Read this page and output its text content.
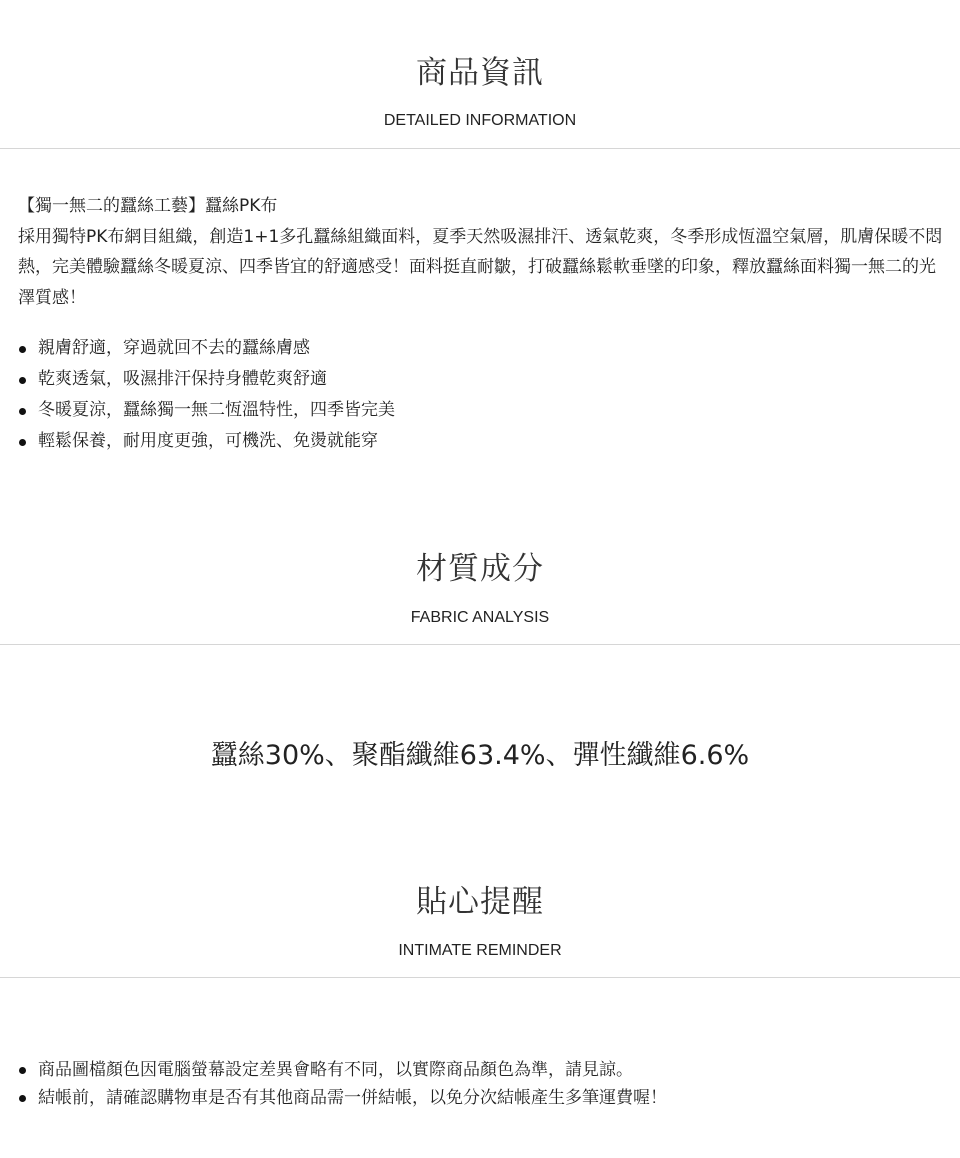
商品資訊
DETAILED INFORMATION
【獨一無二的蠶絲工藝】蠶絲PK布
採用獨特PK布網目組織，創造1+1多孔蠶絲組織面料，夏季天然吸濕排汗、透氣乾爽，冬季形成恆溫空氣層，肌膚保暖不悶熱，完美體驗蠶絲冬暖夏涼、四季皆宜的舒適感受！面料挺直耐皺，打破蠶絲鬆軟垂墜的印象，釋放蠶絲面料獨一無二的光澤質感！
親膚舒適，穿過就回不去的蠶絲膚感
乾爽透氣，吸濕排汗保持身體乾爽舒適
冬暖夏涼，蠶絲獨一無二恆溫特性，四季皆完美
輕鬆保養，耐用度更強，可機洗、免燙就能穿
材質成分
FABRIC ANALYSIS
蠶絲30%、聚酯纖維63.4%、彈性纖維6.6%
貼心提醒
INTIMATE REMINDER
商品圖檔顏色因電腦螢幕設定差異會略有不同，以實際商品顏色為準，請見諒。
結帳前，請確認購物車是否有其他商品需一併結帳，以免分次結帳產生多筆運費喔！
